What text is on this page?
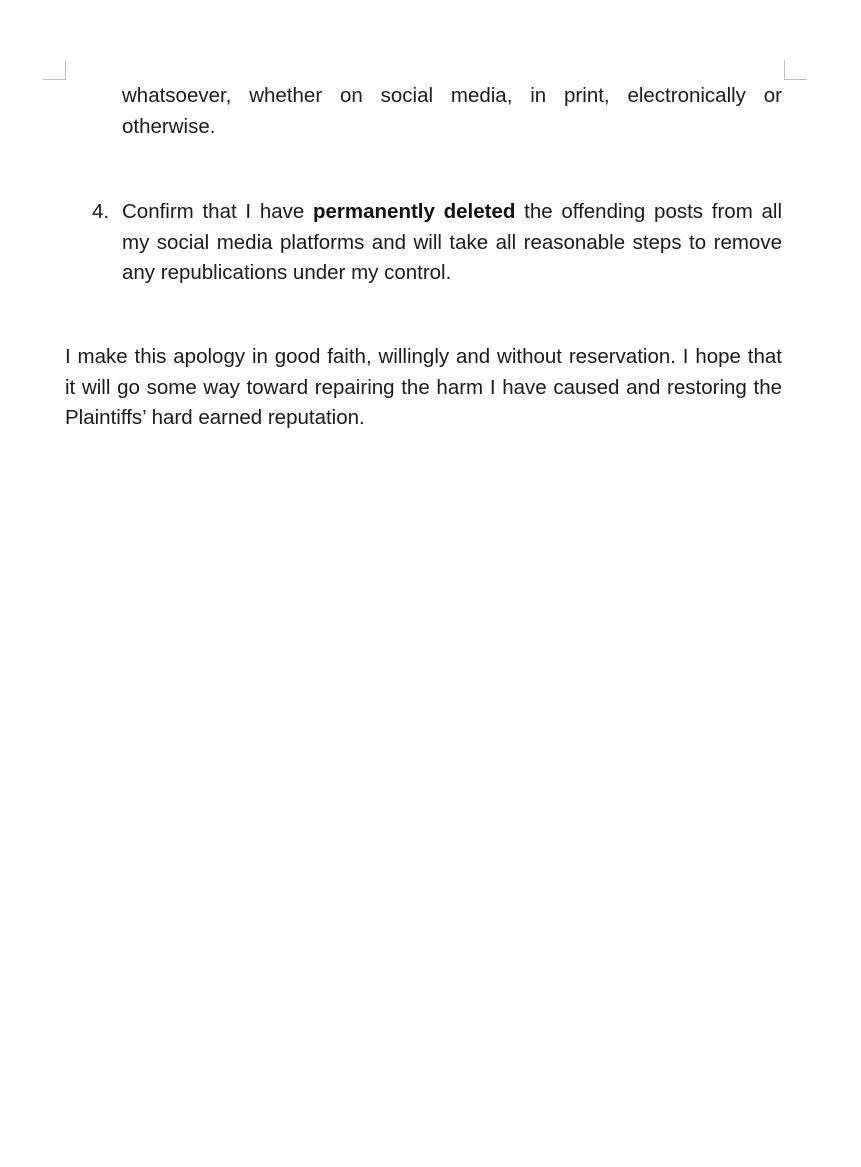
whatsoever, whether on social media, in print, electronically or otherwise.

4. Confirm that I have permanently deleted the offending posts from all my social media platforms and will take all reasonable steps to remove any republications under my control.

I make this apology in good faith, willingly and without reservation. I hope that it will go some way toward repairing the harm I have caused and restoring the Plaintiffs’ hard earned reputation.
